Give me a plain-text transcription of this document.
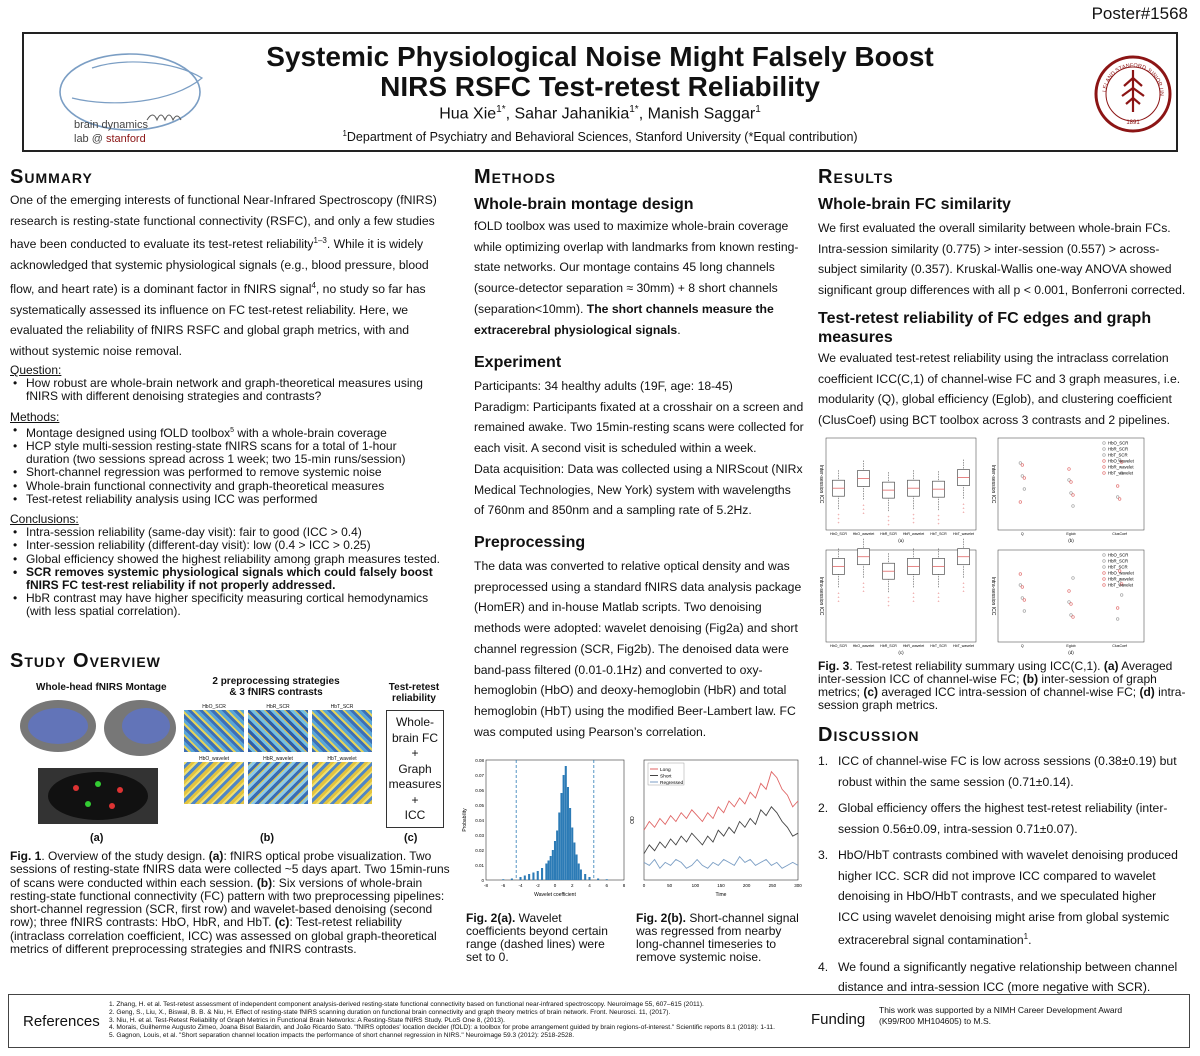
Poster#1568
brain dynamics
lab @ stanford
Systemic Physiological Noise Might Falsely Boost
NIRS RSFC Test-retest Reliability
Hua Xie$^{1*}$, Sahar Jahanikia$^{1*}$, Manish Saggar$^1$
$^1$Department of Psychiatry and Behavioral Sciences, Stanford University (*Equal contribution)
LELAND STANFORD JUNIOR UN
1891
Summary
One of the emerging interests of functional Near-Infrared Spectroscopy (fNIRS) research is resting-state functional connectivity (RSFC), and only a few studies have been conducted to evaluate its test-retest reliability$^{1-3}$. While it is widely acknowledged that systemic physiological signals (e.g., blood pressure, blood flow, and heart rate) is a dominant factor in fNIRS signal$^4$, no study so far has systematically assessed its influence on FC test-retest reliability. Here, we evaluated the reliability of fNIRS RSFC and global graph metrics, with and without systemic noise removal.
Question:
• How robust are whole-brain network and graph-theoretical measures using fNIRS with different denoising strategies and contrasts?
Methods:
• Montage designed using fOLD toolbox$^5$ with a whole-brain coverage
• HCP style multi-session resting-state fNIRS scans for a total of 1-hour duration (two sessions spread across 1 week; two 15-min runs/session)
• Short-channel regression was performed to remove systemic noise
• Whole-brain functional connectivity and graph-theoretical measures
• Test-retest reliability analysis using ICC was performed
Conclusions:
• Intra-session reliability (same-day visit): fair to good (ICC > 0.4)
• Inter-session reliability (different-day visit): low (0.4 > ICC > 0.25)
• Global efficiency showed the highest reliability among graph measures tested.
• SCR removes systemic physiological signals which could falsely boost fNIRS FC test-rest reliability if not properly addressed.
• HbR contrast may have higher specificity measuring cortical hemodynamics (with less spatial correlation).
Study Overview
Whole-head fNIRS Montage
2 preprocessing strategies
& 3 fNIRS contrasts
HbO_SCR	HbR_SCR	HbT_SCR
HbO_wavelet	HbR_wavelet	HbT_wavelet
Test-retest
reliability
Whole-
brain FC
+
Graph
measures
+
ICC
(a)	(b)	(c)
Fig. 1. Overview of the study design. (a): fNIRS optical probe visualization. Two sessions of resting-state fNIRS data were collected ~5 days apart. Two 15min-runs of scans were conducted within each session. (b): Six versions of whole-brain resting-state functional connectivity (FC) pattern with two preprocessing pipelines: short-channel regression (SCR, first row) and wavelet-based denoising (second row); three fNIRS contrasts: HbO, HbR, and HbT. (c): Test-retest reliability (intraclass correlation coefficient, ICC) was assessed on global graph-theoretical metrics of different preprocessing strategies and fNIRS contrasts.
Methods
Whole-brain montage design
fOLD toolbox was used to maximize whole-brain coverage while optimizing overlap with landmarks from known resting-state networks. Our montage contains 45 long channels (source-detector separation ≈ 30mm) + 8 short channels (separation<10mm). The short channels measure the extracerebral physiological signals.
Experiment
Participants: 34 healthy adults (19F, age: 18-45)
Paradigm: Participants fixated at a crosshair on a screen and remained awake. Two 15min-resting scans were collected for each visit. A second visit is scheduled within a week.
Data acquisition: Data was collected using a NIRScout (NIRx Medical Technologies, New York) system with wavelengths of 760nm and 850nm and a sampling rate of 5.2Hz.
Preprocessing
The data was converted to relative optical density and was preprocessed using a standard fNIRS data analysis package (HomER) and in-house Matlab scripts. Two denoising methods were adopted: wavelet denoising (Fig2a) and short channel regression (SCR, Fig2b). The denoised data were band-pass filtered (0.01-0.1Hz) and converted to oxy-hemoglobin (HbO) and deoxy-hemoglobin (HbR) and total hemoglobin (HbT) using the modified Beer-Lambert law. FC was computed using Pearson’s correlation.
0
0.01
0.02
0.03
0.04
0.05
0.06
0.07
0.08
-8	-6	-4	-2	0	2	4	6	8
Wavelet coefficient
Probability
0	50	100	150	200	250	300
Long
Short
Regressed
Time
OD
Fig. 2(a). Wavelet coefficients beyond certain range (dashed lines) were set to 0.
Fig. 2(b). Short-channel signal was regressed from nearby long-channel timeseries to remove systemic noise.
Results
Whole-brain FC similarity
We first evaluated the overall similarity between whole-brain FCs. Intra-session similarity (0.775) > inter-session (0.557) > across-subject similarity (0.357). Kruskal-Wallis one-way ANOVA showed significant group differences with all p < 0.001, Bonferroni corrected.
Test-retest reliability of FC edges and graph measures
We evaluated test-retest reliability using the intraclass correlation coefficient ICC(C,1) of channel-wise FC and 3 graph measures, i.e. modularity (Q), global efficiency (Eglob), and clustering coefficient (ClusCoef) using BCT toolbox across 3 contrasts and 2 pipelines.
Inter-session ICC
(a)
HbO_SCR
+
+
+
HbO_wavelet
+
+
+
HbR_SCR
+
+
+
HbR_wavelet
+
+
+
HbT_SCR
+
+
+
HbT_wavelet
+
+
+
Inter-session ICC
(b)
Q	Eglob	ClusCoef
HbO_SCR
HbR_SCR
HbT_SCR
HbO_wavelet
HbR_wavelet
HbT_wavelet
Intra-session ICC
(c)
HbO_SCR
+
+
+
HbO_wavelet
+
+
+
HbR_SCR
+
+
+
HbR_wavelet
+
+
+
HbT_SCR
+
+
+
HbT_wavelet
+
+
+	Intra-session ICC
(d)
Q	Eglob	ClusCoef
HbO_SCR
HbR_SCR
HbT_SCR
HbO_wavelet
HbR_wavelet
HbT_wavelet
Fig. 3. Test-retest reliability summary using ICC(C,1). (a) Averaged inter-session ICC of channel-wise FC; (b) inter-session of graph metrics; (c) averaged ICC intra-session of channel-wise FC; (d) intra-session graph metrics.
Discussion
1. ICC of channel-wise FC is low across sessions (0.38±0.19) but robust within the same session (0.71±0.14).
2. Global efficiency offers the highest test-retest reliability (inter-session 0.56±0.09, intra-session 0.71±0.07).
3. HbO/HbT contrasts combined with wavelet denoising produced higher ICC. SCR did not improve ICC compared to wavelet denoising in HbO/HbT contrasts, and we speculated higher ICC using wavelet denoising might arise from global systemic extracerebral signal contamination$^1$.
4. We found a significantly negative relationship between channel distance and intra-session ICC (more negative with SCR).
References
1. Zhang, H. et al. Test-retest assessment of independent component analysis-derived resting-state functional connectivity based on functional near-infrared spectroscopy. Neuroimage 55, 607–615 (2011).
2. Geng, S., Liu, X., Biswal, B. B. & Niu, H. Effect of resting-state fNIRS scanning duration on functional brain connectivity and graph theory metrics of brain network. Front. Neurosci. 11, (2017).
3. Niu, H. et al. Test-Retest Reliability of Graph Metrics in Functional Brain Networks: A Resting-State fNIRS Study. PLoS One 8, (2013).
4. Morais, Guilherme Augusto Zimeo, Joana Bisol Balardin, and João Ricardo Sato. "fNIRS optodes' location decider (fOLD): a toolbox for probe arrangement guided by brain regions-of-interest." Scientific reports 8.1 (2018): 1-11.
5. Gagnon, Louis, et al. "Short separation channel location impacts the performance of short channel regression in NIRS." Neuroimage 59.3 (2012): 2518-2528.
Funding
This work was supported by a NIMH Career Development Award (K99/R00 MH104605) to M.S.
